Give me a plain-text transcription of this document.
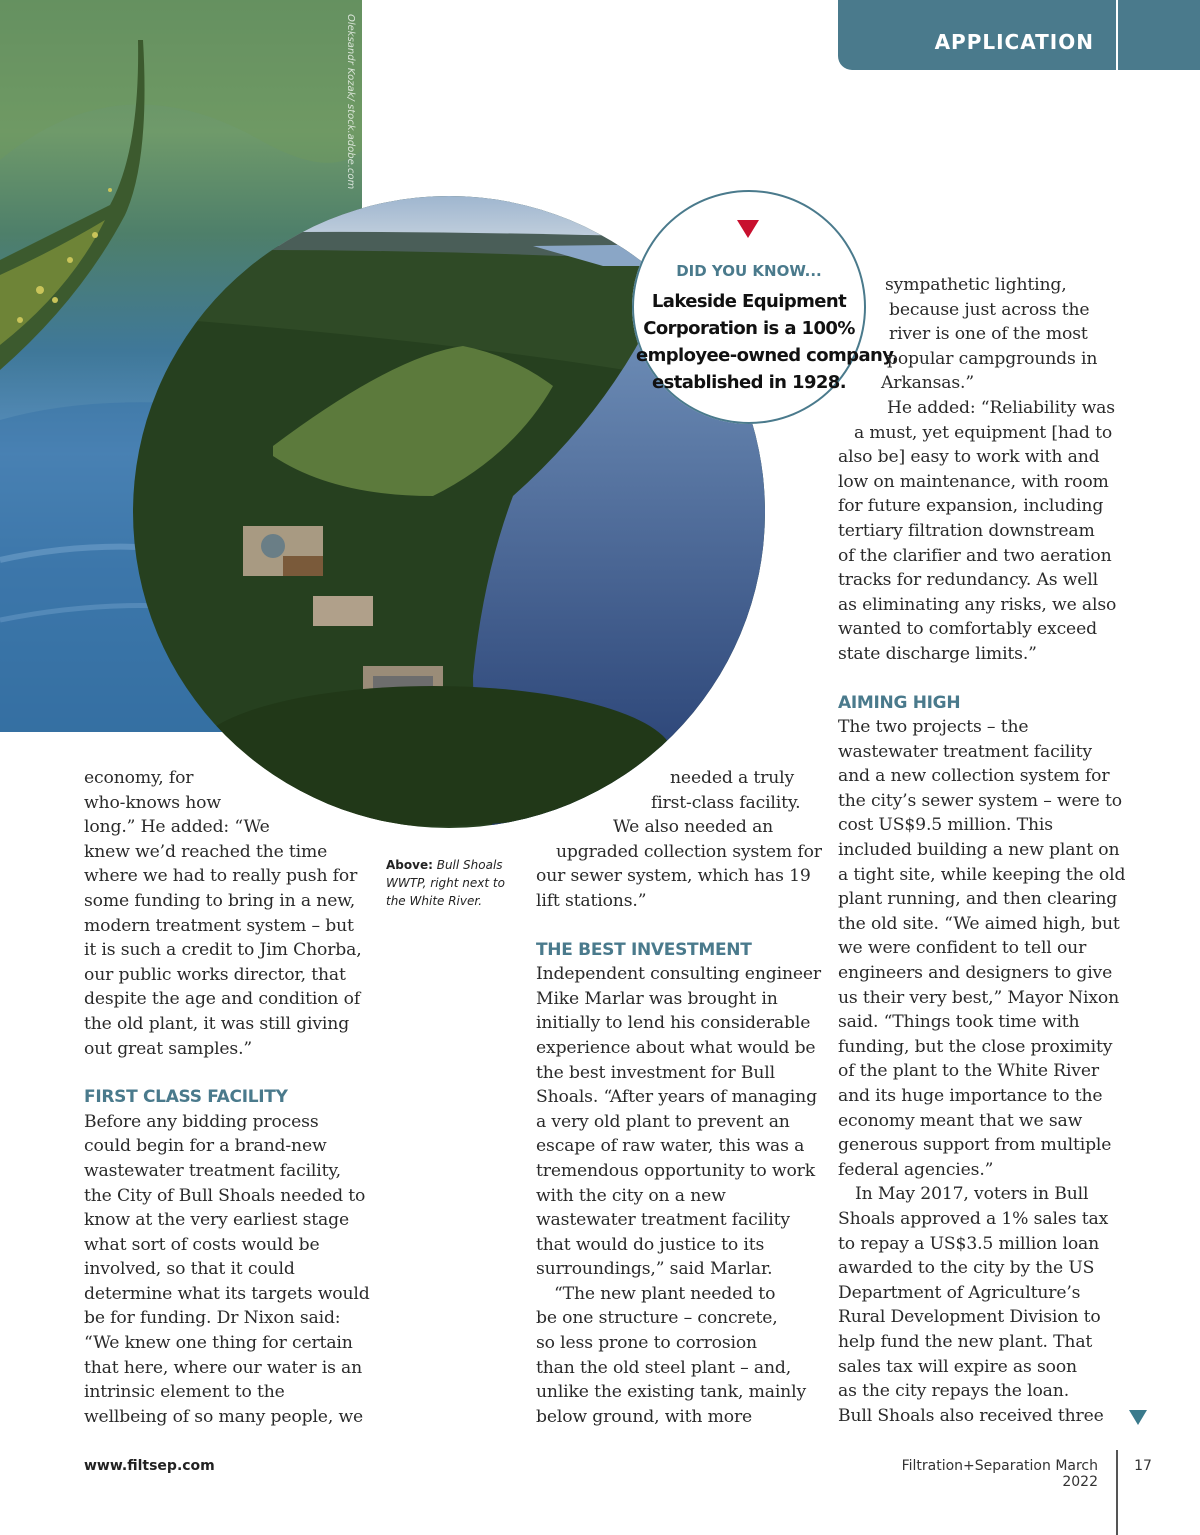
Oleksandr Kozak/ stock.adobe.com	APPLICATION
DID YOU KNOW...
Lakeside Equipment
Corporation is a 100%
employee-owned company,
established in 1928.
Above: Bull Shoals
WWTP, right next to
the White River.
economy, for
who-knows how
long.” He added: “We
knew we’d reached the time
where we had to really push for
some funding to bring in a new,
modern treatment system – but
it is such a credit to Jim Chorba,
our public works director, that
despite the age and condition of
the old plant, it was still giving
out great samples.”

FIRST CLASS FACILITY

Before any bidding process
could begin for a brand-new
wastewater treatment facility,
the City of Bull Shoals needed to
know at the very earliest stage
what sort of costs would be
involved, so that it could
determine what its targets would
be for funding. Dr Nixon said:
“We knew one thing for certain
that here, where our water is an
intrinsic element to the
wellbeing of so many people, we
needed a truly
first-class facility.
We also needed an
upgraded collection system for
our sewer system, which has 19
lift stations.”

THE BEST INVESTMENT

Independent consulting engineer
Mike Marlar was brought in
initially to lend his considerable
experience about what would be
the best investment for Bull
Shoals. “After years of managing
a very old plant to prevent an
escape of raw water, this was a
tremendous opportunity to work
with the city on a new
wastewater treatment facility
that would do justice to its
surroundings,” said Marlar.
“The new plant needed to
be one structure – concrete,
so less prone to corrosion
than the old steel plant – and,
unlike the existing tank, mainly
below ground, with more
sympathetic lighting,
because just across the
river is one of the most
popular campgrounds in
Arkansas.”
He added: “Reliability was
a must, yet equipment [had to
also be] easy to work with and
low on maintenance, with room
for future expansion, including
tertiary filtration downstream
of the clarifier and two aeration
tracks for redundancy. As well
as eliminating any risks, we also
wanted to comfortably exceed
state discharge limits.”

AIMING HIGH

The two projects – the
wastewater treatment facility
and a new collection system for
the city’s sewer system – were to
cost US$9.5 million. This
included building a new plant on
a tight site, while keeping the old
plant running, and then clearing
the old site. “We aimed high, but
we were confident to tell our
engineers and designers to give
us their very best,” Mayor Nixon
said. “Things took time with
funding, but the close proximity
of the plant to the White River
and its huge importance to the
economy meant that we saw
generous support from multiple
federal agencies.”
In May 2017, voters in Bull
Shoals approved a 1% sales tax
to repay a US$3.5 million loan
awarded to the city by the US
Department of Agriculture’s
Rural Development Division to
help fund the new plant. That
sales tax will expire as soon
as the city repays the loan.
Bull Shoals also received three
www.filtsep.com	Filtration+Separation March 2022
17
